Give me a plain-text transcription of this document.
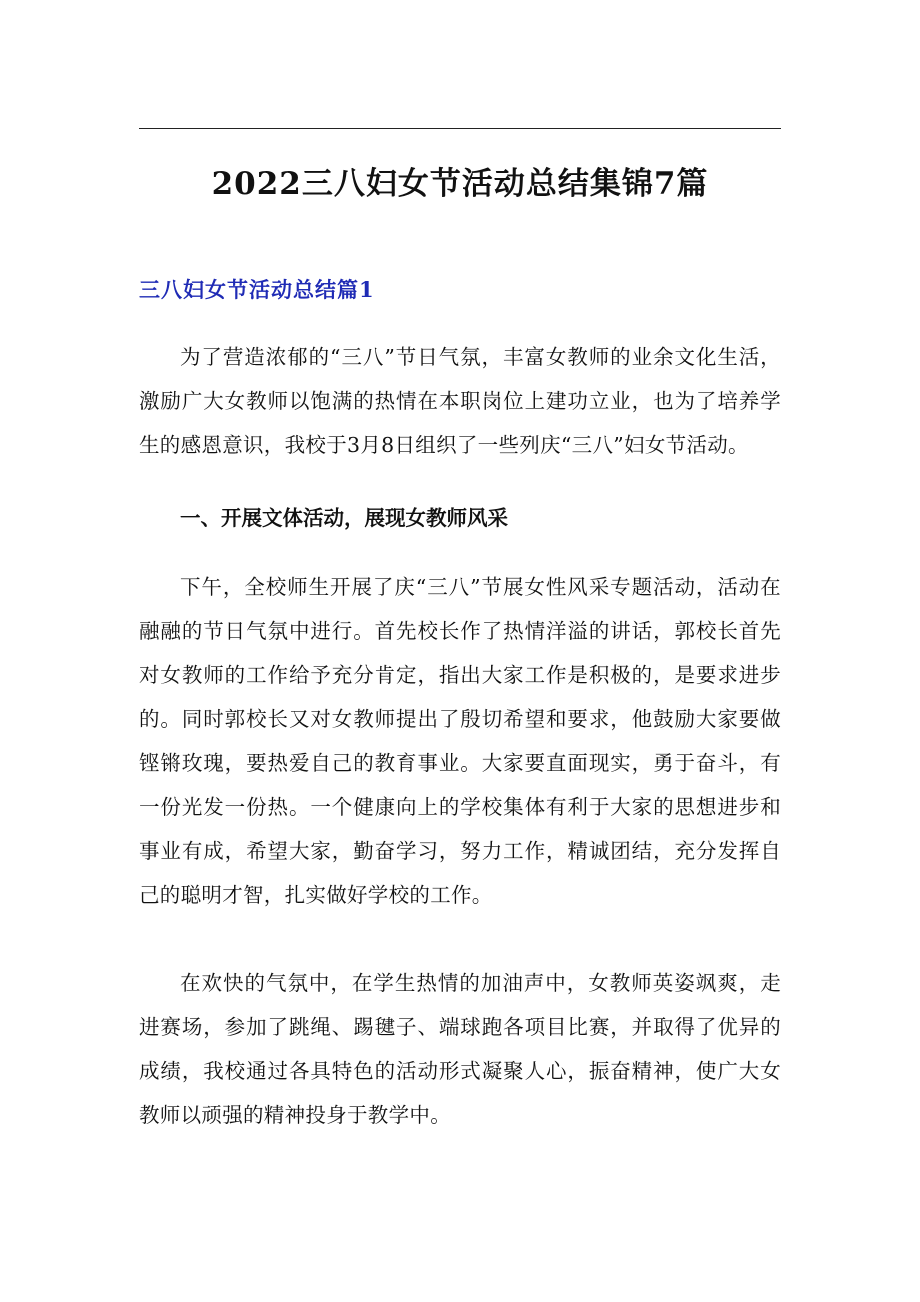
2022三八妇女节活动总结集锦7篇
三八妇女节活动总结篇1

为了营造浓郁的“三八”节日气氛，丰富女教师的业余文化生活，激励广大女教师以饱满的热情在本职岗位上建功立业，也为了培养学生的感恩意识，我校于3月8日组织了一些列庆“三八”妇女节活动。

一、开展文体活动，展现女教师风采

下午，全校师生开展了庆“三八”节展女性风采专题活动，活动在融融的节日气氛中进行。首先校长作了热情洋溢的讲话，郭校长首先对女教师的工作给予充分肯定，指出大家工作是积极的，是要求进步的。同时郭校长又对女教师提出了殷切希望和要求，他鼓励大家要做铿锵玫瑰，要热爱自己的教育事业。大家要直面现实，勇于奋斗，有一份光发一份热。一个健康向上的学校集体有利于大家的思想进步和事业有成，希望大家，勤奋学习，努力工作，精诚团结，充分发挥自己的聪明才智，扎实做好学校的工作。

在欢快的气氛中，在学生热情的加油声中，女教师英姿飒爽，走进赛场，参加了跳绳、踢毽子、端球跑各项目比赛，并取得了优异的成绩，我校通过各具特色的活动形式凝聚人心，振奋精神，使广大女教师以顽强的精神投身于教学中。
